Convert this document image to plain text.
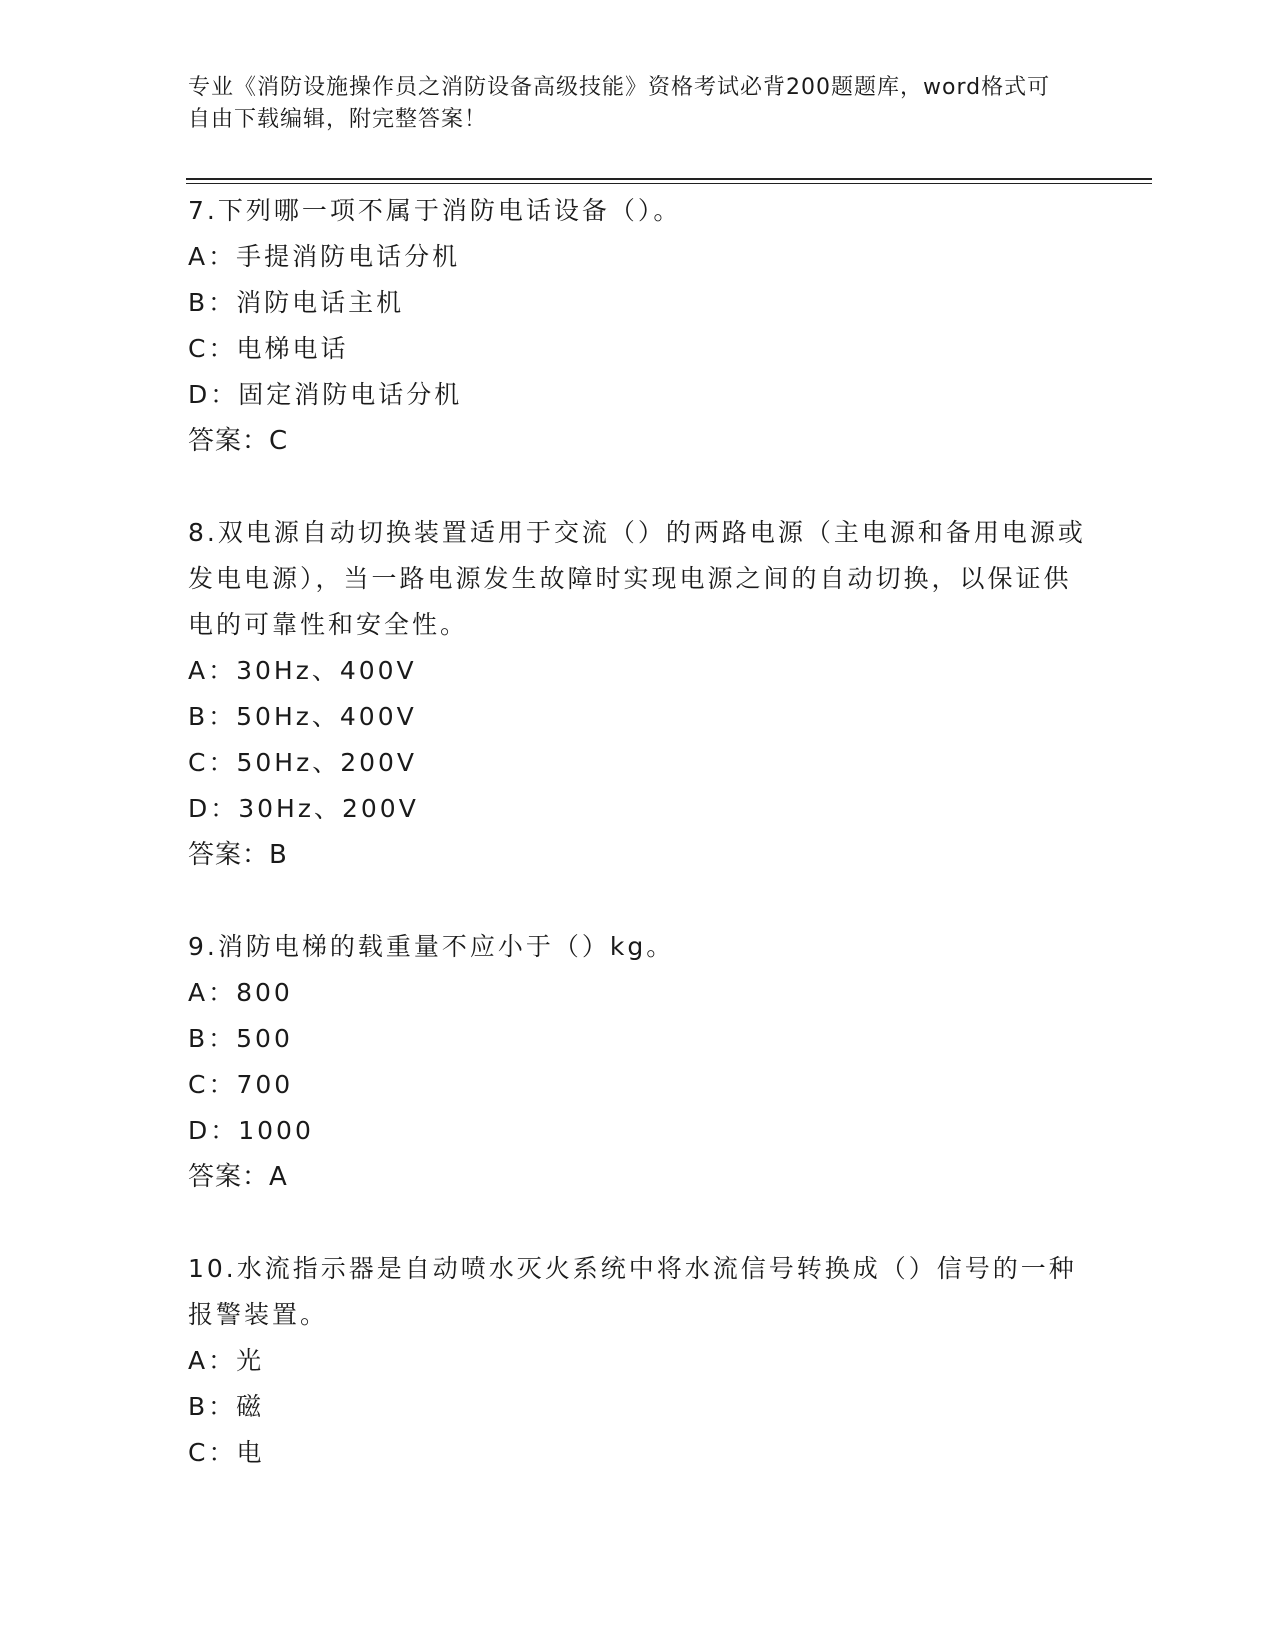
专业《消防设施操作员之消防设备高级技能》资格考试必背200题题库，word格式可自由下载编辑，附完整答案！

7.下列哪一项不属于消防电话设备（）。

A：手提消防电话分机

B：消防电话主机

C：电梯电话

D：固定消防电话分机

答案：C

8.双电源自动切换装置适用于交流（）的两路电源（主电源和备用电源或发电电源），当一路电源发生故障时实现电源之间的自动切换，以保证供电的可靠性和安全性。

A：30Hz、400V

B：50Hz、400V

C：50Hz、200V

D：30Hz、200V

答案：B

9.消防电梯的载重量不应小于（）kg。

A：800

B：500

C：700

D：1000

答案：A

10.水流指示器是自动喷水灭火系统中将水流信号转换成（）信号的一种报警装置。

A：光

B：磁

C：电
